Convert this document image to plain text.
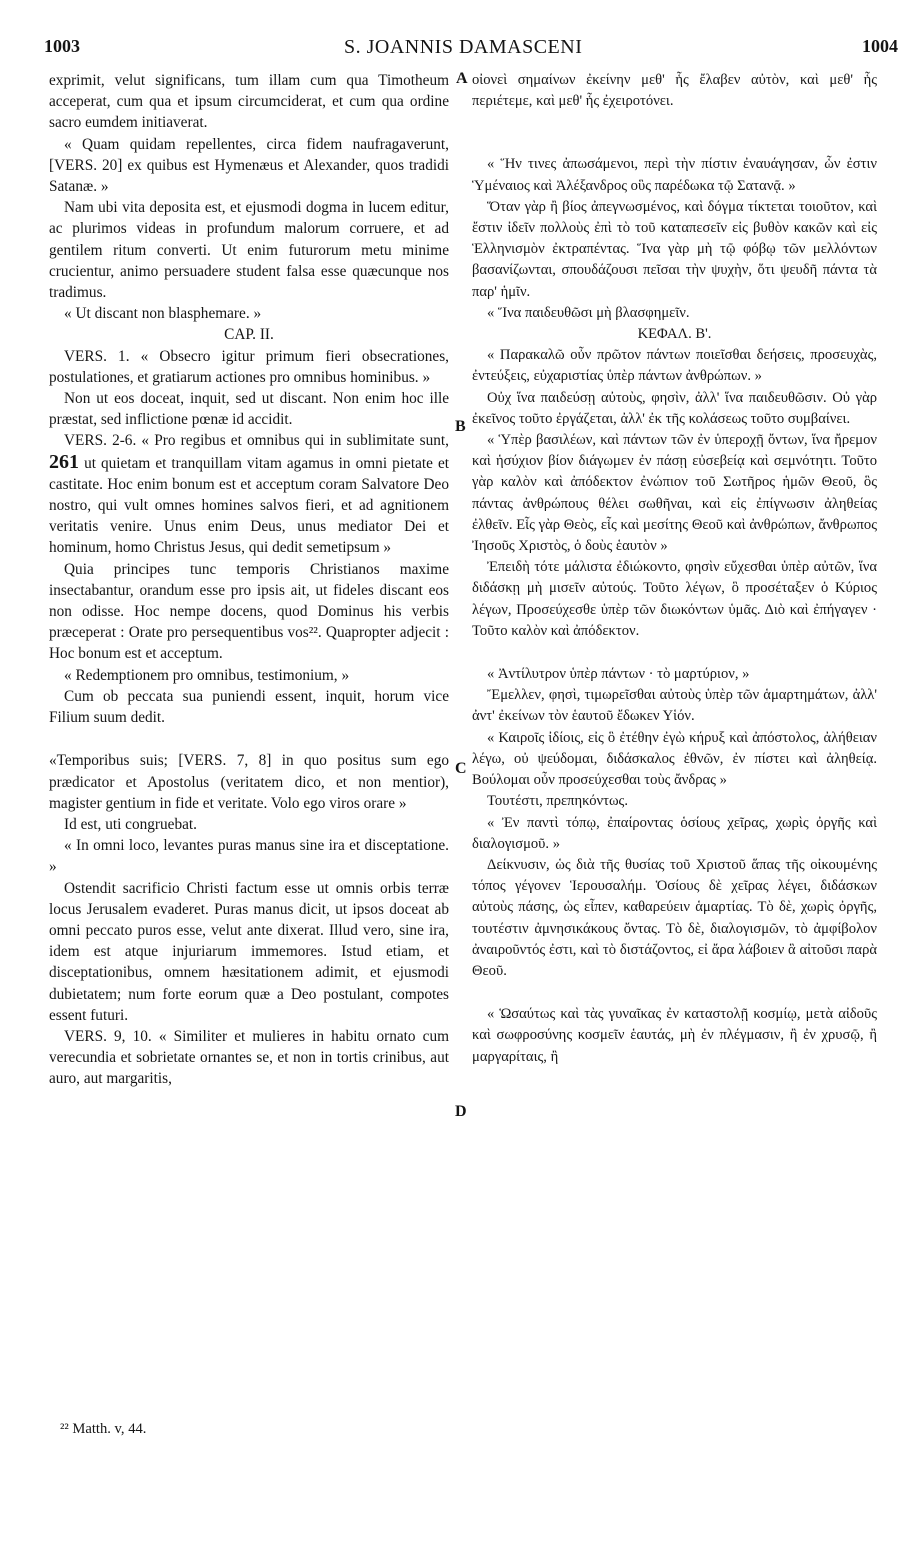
1003	S. JOANNIS DAMASCENI	1004
A
B
C
D

exprimit, velut significans, tum illam cum qua Timotheum acceperat, cum qua et ipsum circumciderat, et cum qua ordine sacro eumdem initiaverat.

« Quam quidam repellentes, circa fidem naufragaverunt, [VERS. 20] ex quibus est Hymenæus et Alexander, quos tradidi Satanæ. »

Nam ubi vita deposita est, et ejusmodi dogma in lucem editur, ac plurimos videas in profundum malorum corruere, et ad gentilem ritum converti. Ut enim futurorum metu minime crucientur, animo persuadere student falsa esse quæcunque nos tradimus.

« Ut discant non blasphemare. »

CAP. II.

VERS. 1. « Obsecro igitur primum fieri obsecrationes, postulationes, et gratiarum actiones pro omnibus hominibus. »

Non ut eos doceat, inquit, sed ut discant. Non enim hoc ille præstat, sed inflictione pœnæ id accidit.

VERS. 2-6. « Pro regibus et omnibus qui in sublimitate sunt, 261 ut quietam et tranquillam vitam agamus in omni pietate et castitate. Hoc enim bonum est et acceptum coram Salvatore Deo nostro, qui vult omnes homines salvos fieri, et ad agnitionem veritatis venire. Unus enim Deus, unus mediator Dei et hominum, homo Christus Jesus, qui dedit semetipsum »

Quia principes tunc temporis Christianos maxime insectabantur, orandum esse pro ipsis ait, ut fideles discant eos non odisse. Hoc nempe docens, quod Dominus his verbis præceperat : Orate pro persequentibus vos²². Quapropter adjecit : Hoc bonum est et acceptum.

« Redemptionem pro omnibus, testimonium, »

Cum ob peccata sua puniendi essent, inquit, horum vice Filium suum dedit.

«Temporibus suis; [VERS. 7, 8] in quo positus sum ego prædicator et Apostolus (veritatem dico, et non mentior), magister gentium in fide et veritate. Volo ego viros orare »

Id est, uti congruebat.

« In omni loco, levantes puras manus sine ira et disceptatione. »

Ostendit sacrificio Christi factum esse ut omnis orbis terræ locus Jerusalem evaderet. Puras manus dicit, ut ipsos doceat ab omni peccato puros esse, velut ante dixerat. Illud vero, sine ira, idem est atque injuriarum immemores. Istud etiam, et disceptationibus, omnem hæsitationem adimit, et ejusmodi dubietatem; num forte eorum quæ a Deo postulant, compotes essent futuri.

VERS. 9, 10. « Similiter et mulieres in habitu ornato cum verecundia et sobrietate ornantes se, et non in tortis crinibus, aut auro, aut margaritis,

οἰονεὶ σημαίνων ἐκείνην μεθ' ἧς ἔλαβεν αὐτὸν, καὶ μεθ' ἧς περιέτεμε, καὶ μεθ' ἧς ἐχειροτόνει.

« Ἥν τινες ἀπωσάμενοι, περὶ τὴν πίστιν ἐναυάγησαν, ὧν ἐστιν Ὑμέναιος καὶ Ἀλέξανδρος οὓς παρέδωκα τῷ Σατανᾷ. »

Ὅταν γὰρ ἢ βίος ἀπεγνωσμένος, καὶ δόγμα τίκτεται τοιοῦτον, καὶ ἔστιν ἰδεῖν πολλοὺς ἐπὶ τὸ τοῦ καταπεσεῖν εἰς βυθὸν κακῶν καὶ εἰς Ἑλληνισμὸν ἐκτραπέντας. Ἵνα γὰρ μὴ τῷ φόβῳ τῶν μελλόντων βασανίζωνται, σπουδάζουσι πεῖσαι τὴν ψυχὴν, ὅτι ψευδῆ πάντα τὰ παρ' ἡμῖν.

« Ἵνα παιδευθῶσι μὴ βλασφημεῖν.

ΚΕΦΑΛ. Β'.

« Παρακαλῶ οὖν πρῶτον πάντων ποιεῖσθαι δεήσεις, προσευχὰς, ἐντεύξεις, εὐχαριστίας ὑπὲρ πάντων ἀνθρώπων. »

Οὐχ ἵνα παιδεύσῃ αὐτοὺς, φησὶν, ἀλλ' ἵνα παιδευθῶσιν. Οὐ γὰρ ἐκεῖνος τοῦτο ἐργάζεται, ἀλλ' ἐκ τῆς κολάσεως τοῦτο συμβαίνει.

« Ὑπὲρ βασιλέων, καὶ πάντων τῶν ἐν ὑπεροχῇ ὄντων, ἵνα ἤρεμον καὶ ἡσύχιον βίον διάγωμεν ἐν πάσῃ εὐσεβείᾳ καὶ σεμνότητι. Τοῦτο γὰρ καλὸν καὶ ἀπόδεκτον ἐνώπιον τοῦ Σωτῆρος ἡμῶν Θεοῦ, ὃς πάντας ἀνθρώπους θέλει σωθῆναι, καὶ εἰς ἐπίγνωσιν ἀληθείας ἐλθεῖν. Εἷς γὰρ Θεὸς, εἷς καὶ μεσίτης Θεοῦ καὶ ἀνθρώπων, ἄνθρωπος Ἰησοῦς Χριστὸς, ὁ δοὺς ἑαυτὸν »

Ἐπειδὴ τότε μάλιστα ἐδιώκοντο, φησὶν εὔχεσθαι ὑπὲρ αὐτῶν, ἵνα διδάσκῃ μὴ μισεῖν αὐτούς. Τοῦτο λέγων, ὃ προσέταξεν ὁ Κύριος λέγων, Προσεύχεσθε ὑπὲρ τῶν διωκόντων ὑμᾶς. Διὸ καὶ ἐπήγαγεν · Τοῦτο καλὸν καὶ ἀπόδεκτον.

« Ἀντίλυτρον ὑπὲρ πάντων · τὸ μαρτύριον, »

Ἔμελλεν, φησὶ, τιμωρεῖσθαι αὐτοὺς ὑπὲρ τῶν ἁμαρτημάτων, ἀλλ' ἀντ' ἐκείνων τὸν ἑαυτοῦ ἔδωκεν Υἱόν.

« Καιροῖς ἰδίοις, εἰς ὃ ἐτέθην ἐγὼ κήρυξ καὶ ἀπόστολος, ἀλήθειαν λέγω, οὐ ψεύδομαι, διδάσκαλος ἐθνῶν, ἐν πίστει καὶ ἀληθείᾳ. Βούλομαι οὖν προσεύχεσθαι τοὺς ἄνδρας »

Τουτέστι, πρεπηκόντως.

« Ἐν παντὶ τόπῳ, ἐπαίροντας ὁσίους χεῖρας, χωρὶς ὀργῆς καὶ διαλογισμοῦ. »

Δείκνυσιν, ὡς διὰ τῆς θυσίας τοῦ Χριστοῦ ἅπας τῆς οἰκουμένης τόπος γέγονεν Ἱερουσαλήμ. Ὁσίους δὲ χεῖρας λέγει, διδάσκων αὐτοὺς πάσης, ὡς εἶπεν, καθαρεύειν ἁμαρτίας. Τὸ δὲ, χωρὶς ὀργῆς, τουτέστιν ἀμνησικάκους ὄντας. Τὸ δὲ, διαλογισμῶν, τὸ ἀμφίβολον ἀναιροῦντός ἐστι, καὶ τὸ διστάζοντος, εἰ ἄρα λάβοιεν ἃ αἰτοῦσι παρὰ Θεοῦ.

« Ὡσαύτως καὶ τὰς γυναῖκας ἐν καταστολῇ κοσμίῳ, μετὰ αἰδοῦς καὶ σωφροσύνης κοσμεῖν ἑαυτάς, μὴ ἐν πλέγμασιν, ἢ ἐν χρυσῷ, ἢ μαργαρίταις, ἢ

²² Matth. v, 44.
